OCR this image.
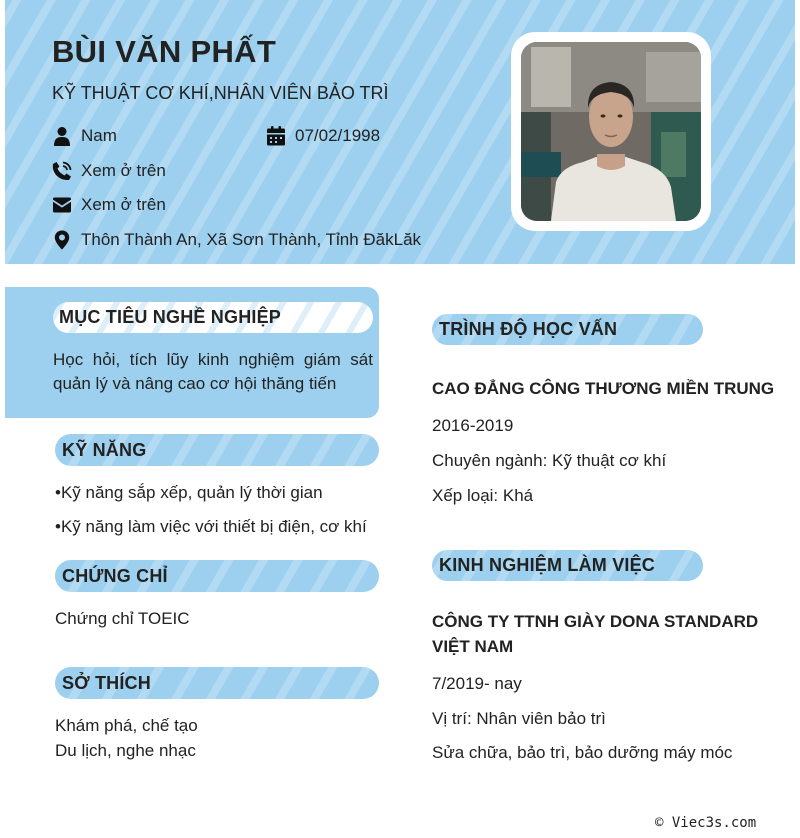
BÙI VĂN PHẤT
KỸ THUẬT CƠ KHÍ,NHÂN VIÊN BẢO TRÌ
Nam	07/02/1998
Xem ở trên
Xem ở trên
Thôn Thành An, Xã Sơn Thành, Tỉnh ĐăkLăk
MỤC TIÊU NGHỀ NGHIỆP
Học hỏi, tích lũy kinh nghiệm giám sát quản lý và nâng cao cơ hội thăng tiến
KỸ NĂNG
•Kỹ năng sắp xếp, quản lý thời gian
•Kỹ năng làm việc với thiết bị điện, cơ khí
CHỨNG CHỈ
Chứng chỉ TOEIC
SỞ THÍCH
Khám phá, chế tạo
Du lịch, nghe nhạc
TRÌNH ĐỘ HỌC VẤN
CAO ĐẲNG CÔNG THƯƠNG MIỀN TRUNG
2016-2019
Chuyên ngành: Kỹ thuật cơ khí
Xếp loại: Khá
KINH NGHIỆM LÀM VIỆC
CÔNG TY TTNH GIÀY DONA STANDARD
VIỆT NAM
7/2019- nay
Vị trí: Nhân viên bảo trì
Sửa chữa, bảo trì, bảo dưỡng máy móc
© Viec3s.com
